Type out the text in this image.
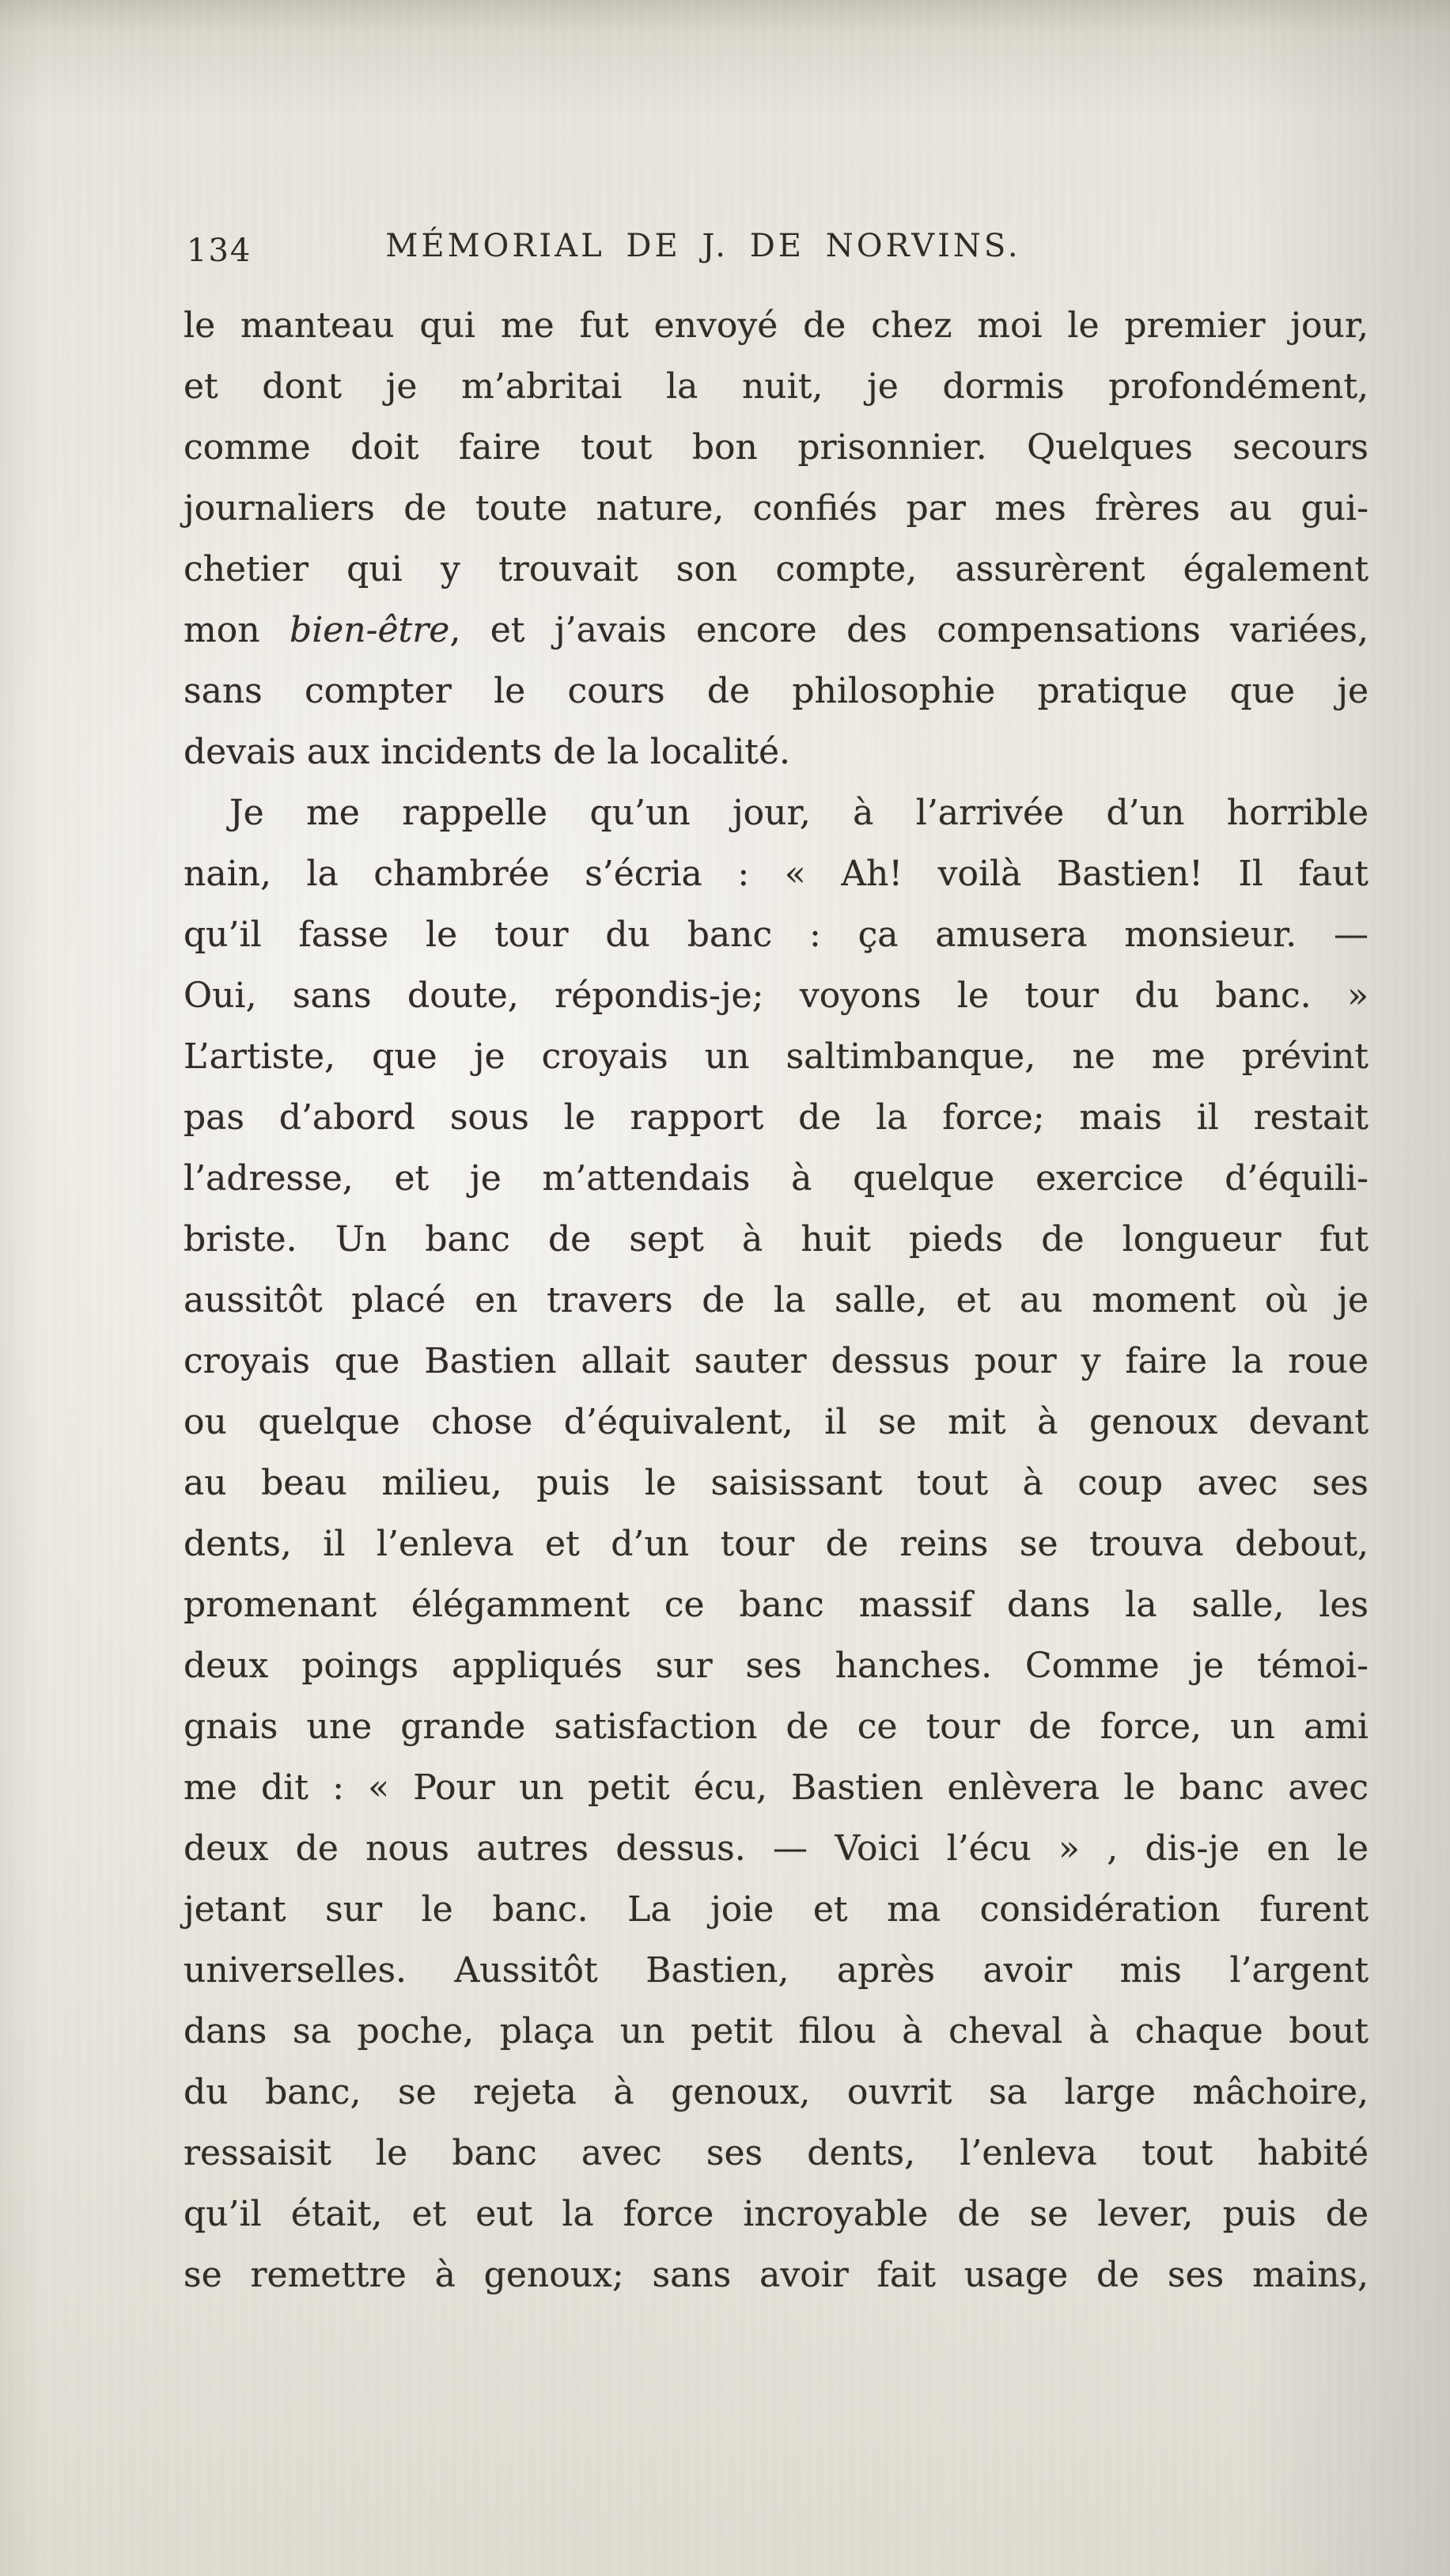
134	MÉMORIAL DE J. DE NORVINS.
le manteau qui me fut envoyé de chez moi le premier jour,
et dont je m’abritai la nuit, je dormis profondément,
comme doit faire tout bon prisonnier. Quelques secours
journaliers de toute nature, confiés par mes frères au gui-
chetier qui y trouvait son compte, assurèrent également
mon bien-être, et j’avais encore des compensations variées,
sans compter le cours de philosophie pratique que je
devais aux incidents de la localité.
Je me rappelle qu’un jour, à l’arrivée d’un horrible
nain, la chambrée s’écria : « Ah! voilà Bastien! Il faut
qu’il fasse le tour du banc : ça amusera monsieur. —
Oui, sans doute, répondis-je; voyons le tour du banc. »
L’artiste, que je croyais un saltimbanque, ne me prévint
pas d’abord sous le rapport de la force; mais il restait
l’adresse, et je m’attendais à quelque exercice d’équili-
briste. Un banc de sept à huit pieds de longueur fut
aussitôt placé en travers de la salle, et au moment où je
croyais que Bastien allait sauter dessus pour y faire la roue
ou quelque chose d’équivalent, il se mit à genoux devant
au beau milieu, puis le saisissant tout à coup avec ses
dents, il l’enleva et d’un tour de reins se trouva debout,
promenant élégamment ce banc massif dans la salle, les
deux poings appliqués sur ses hanches. Comme je témoi-
gnais une grande satisfaction de ce tour de force, un ami
me dit : « Pour un petit écu, Bastien enlèvera le banc avec
deux de nous autres dessus. — Voici l’écu » , dis-je en le
jetant sur le banc. La joie et ma considération furent
universelles. Aussitôt Bastien, après avoir mis l’argent
dans sa poche, plaça un petit filou à cheval à chaque bout
du banc, se rejeta à genoux, ouvrit sa large mâchoire,
ressaisit le banc avec ses dents, l’enleva tout habité
qu’il était, et eut la force incroyable de se lever, puis de
se remettre à genoux; sans avoir fait usage de ses mains,
